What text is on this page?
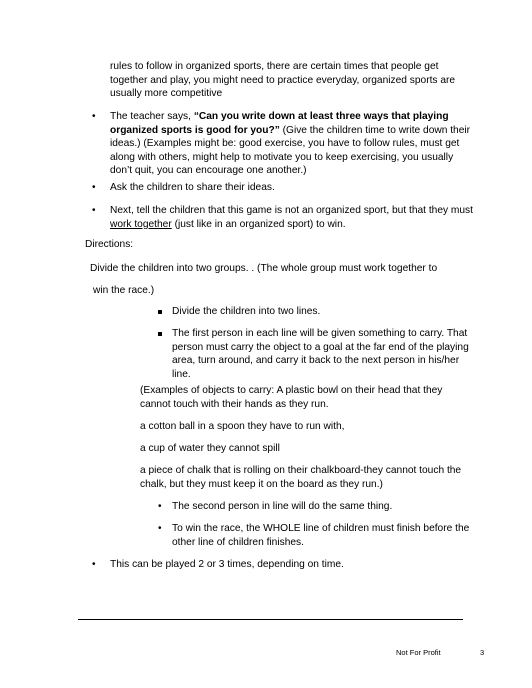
rules to follow in organized sports, there are certain times that people get
together and play, you might need to practice everyday, organized sports are
usually more competitive
• The teacher says, “Can you write down at least three ways that playing
organized sports is good for you?” (Give the children time to write down their
ideas.) (Examples might be: good exercise, you have to follow rules, must get
along with others, might help to motivate you to keep exercising, you usually
don’t quit, you can encourage one another.)
• Ask the children to share their ideas.
• Next, tell the children that this game is not an organized sport, but that they must
work together (just like in an organized sport) to win.
Directions:
Divide the children into two groups. . (The whole group must work together to
win the race.)
Divide the children into two lines.
The first person in each line will be given something to carry. That
person must carry the object to a goal at the far end of the playing
area, turn around, and carry it back to the next person in his/her
line.
(Examples of objects to carry: A plastic bowl on their head that they
cannot touch with their hands as they run.
a cotton ball in a spoon they have to run with,
a cup of water they cannot spill
a piece of chalk that is rolling on their chalkboard-they cannot touch the
chalk, but they must keep it on the board as they run.)
• The second person in line will do the same thing.
• To win the race, the WHOLE line of children must finish before the
other line of children finishes.
• This can be played 2 or 3 times, depending on time.
Not For Profit	3
